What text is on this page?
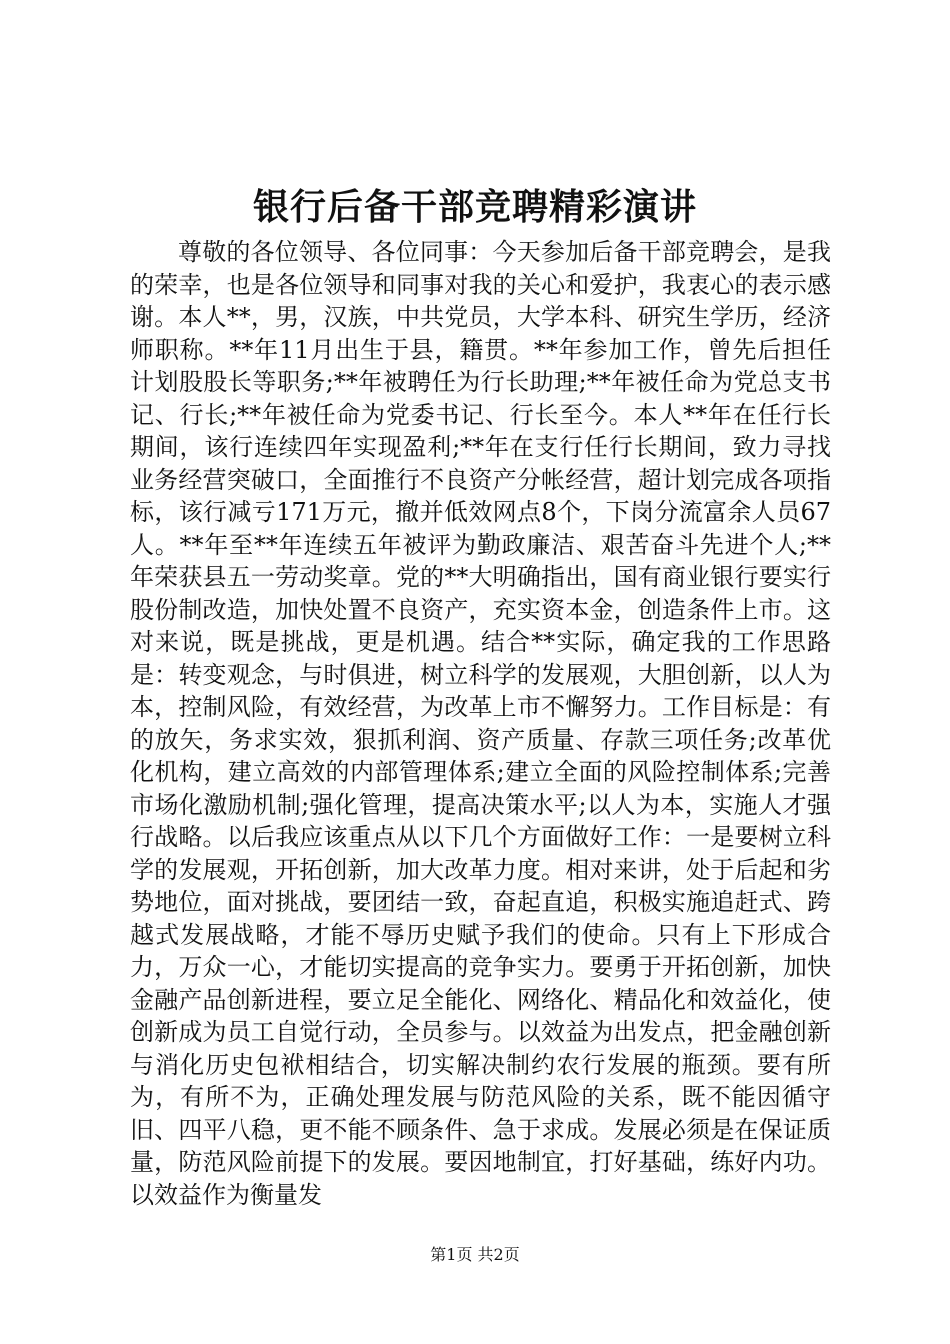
银行后备干部竞聘精彩演讲

尊敬的各位领导、各位同事：今天参加后备干部竞聘会，是我的荣幸，也是各位领导和同事对我的关心和爱护，我衷心的表示感谢。本人**，男，汉族，中共党员，大学本科、研究生学历，经济师职称。**年11月出生于县，籍贯。**年参加工作，曾先后担任计划股股长等职务;**年被聘任为行长助理;**年被任命为党总支书记、行长;**年被任命为党委书记、行长至今。本人**年在任行长期间，该行连续四年实现盈利;**年在支行任行长期间，致力寻找业务经营突破口，全面推行不良资产分帐经营，超计划完成各项指标，该行减亏171万元，撤并低效网点8个，下岗分流富余人员67人。**年至**年连续五年被评为勤政廉洁、艰苦奋斗先进个人;**年荣获县五一劳动奖章。党的**大明确指出，国有商业银行要实行股份制改造，加快处置不良资产，充实资本金，创造条件上市。这对来说，既是挑战，更是机遇。结合**实际，确定我的工作思路是：转变观念，与时俱进，树立科学的发展观，大胆创新，以人为本，控制风险，有效经营，为改革上市不懈努力。工作目标是：有的放矢，务求实效，狠抓利润、资产质量、存款三项任务;改革优化机构，建立高效的内部管理体系;建立全面的风险控制体系;完善市场化激励机制;强化管理，提高决策水平;以人为本，实施人才强行战略。以后我应该重点从以下几个方面做好工作：一是要树立科学的发展观，开拓创新，加大改革力度。相对来讲，处于后起和劣势地位，面对挑战，要团结一致，奋起直追，积极实施追赶式、跨越式发展战略，才能不辱历史赋予我们的使命。只有上下形成合力，万众一心，才能切实提高的竞争实力。要勇于开拓创新，加快金融产品创新进程，要立足全能化、网络化、精品化和效益化，使创新成为员工自觉行动，全员参与。以效益为出发点，把金融创新与消化历史包袱相结合，切实解决制约农行发展的瓶颈。要有所为，有所不为，正确处理发展与防范风险的关系，既不能因循守旧、四平八稳，更不能不顾条件、急于求成。发展必须是在保证质量，防范风险前提下的发展。要因地制宜，打好基础，练好内功。以效益作为衡量发

第1页 共2页
